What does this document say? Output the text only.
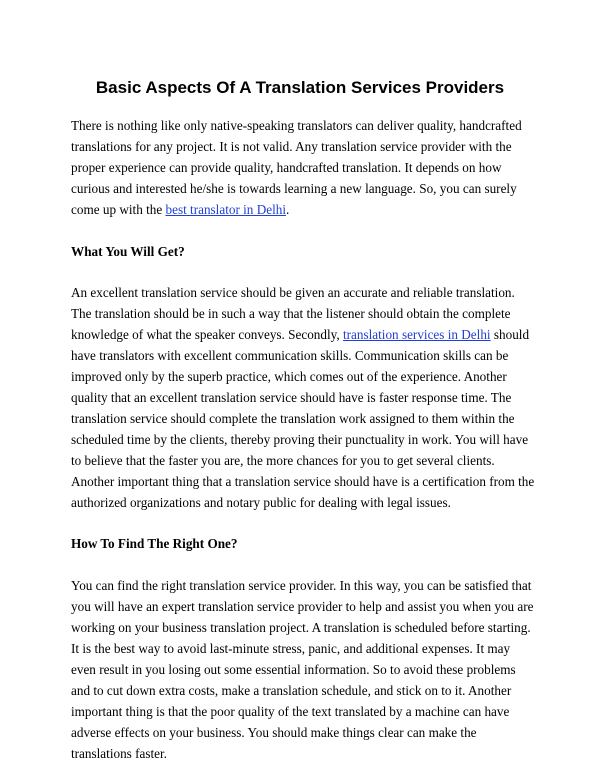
Basic Aspects Of A Translation Services Providers

There is nothing like only native-speaking translators can deliver quality, handcrafted translations for any project. It is not valid. Any translation service provider with the proper experience can provide quality, handcrafted translation. It depends on how curious and interested he/she is towards learning a new language. So, you can surely come up with the best translator in Delhi.

What You Will Get?

An excellent translation service should be given an accurate and reliable translation. The translation should be in such a way that the listener should obtain the complete knowledge of what the speaker conveys. Secondly, translation services in Delhi should have translators with excellent communication skills. Communication skills can be improved only by the superb practice, which comes out of the experience. Another quality that an excellent translation service should have is faster response time. The translation service should complete the translation work assigned to them within the scheduled time by the clients, thereby proving their punctuality in work. You will have to believe that the faster you are, the more chances for you to get several clients. Another important thing that a translation service should have is a certification from the authorized organizations and notary public for dealing with legal issues.

How To Find The Right One?

You can find the right translation service provider. In this way, you can be satisfied that you will have an expert translation service provider to help and assist you when you are working on your business translation project. A translation is scheduled before starting. It is the best way to avoid last-minute stress, panic, and additional expenses. It may even result in you losing out some essential information. So to avoid these problems and to cut down extra costs, make a translation schedule, and stick on to it. Another important thing is that the poor quality of the text translated by a machine can have adverse effects on your business. You should make things clear can make the translations faster.
